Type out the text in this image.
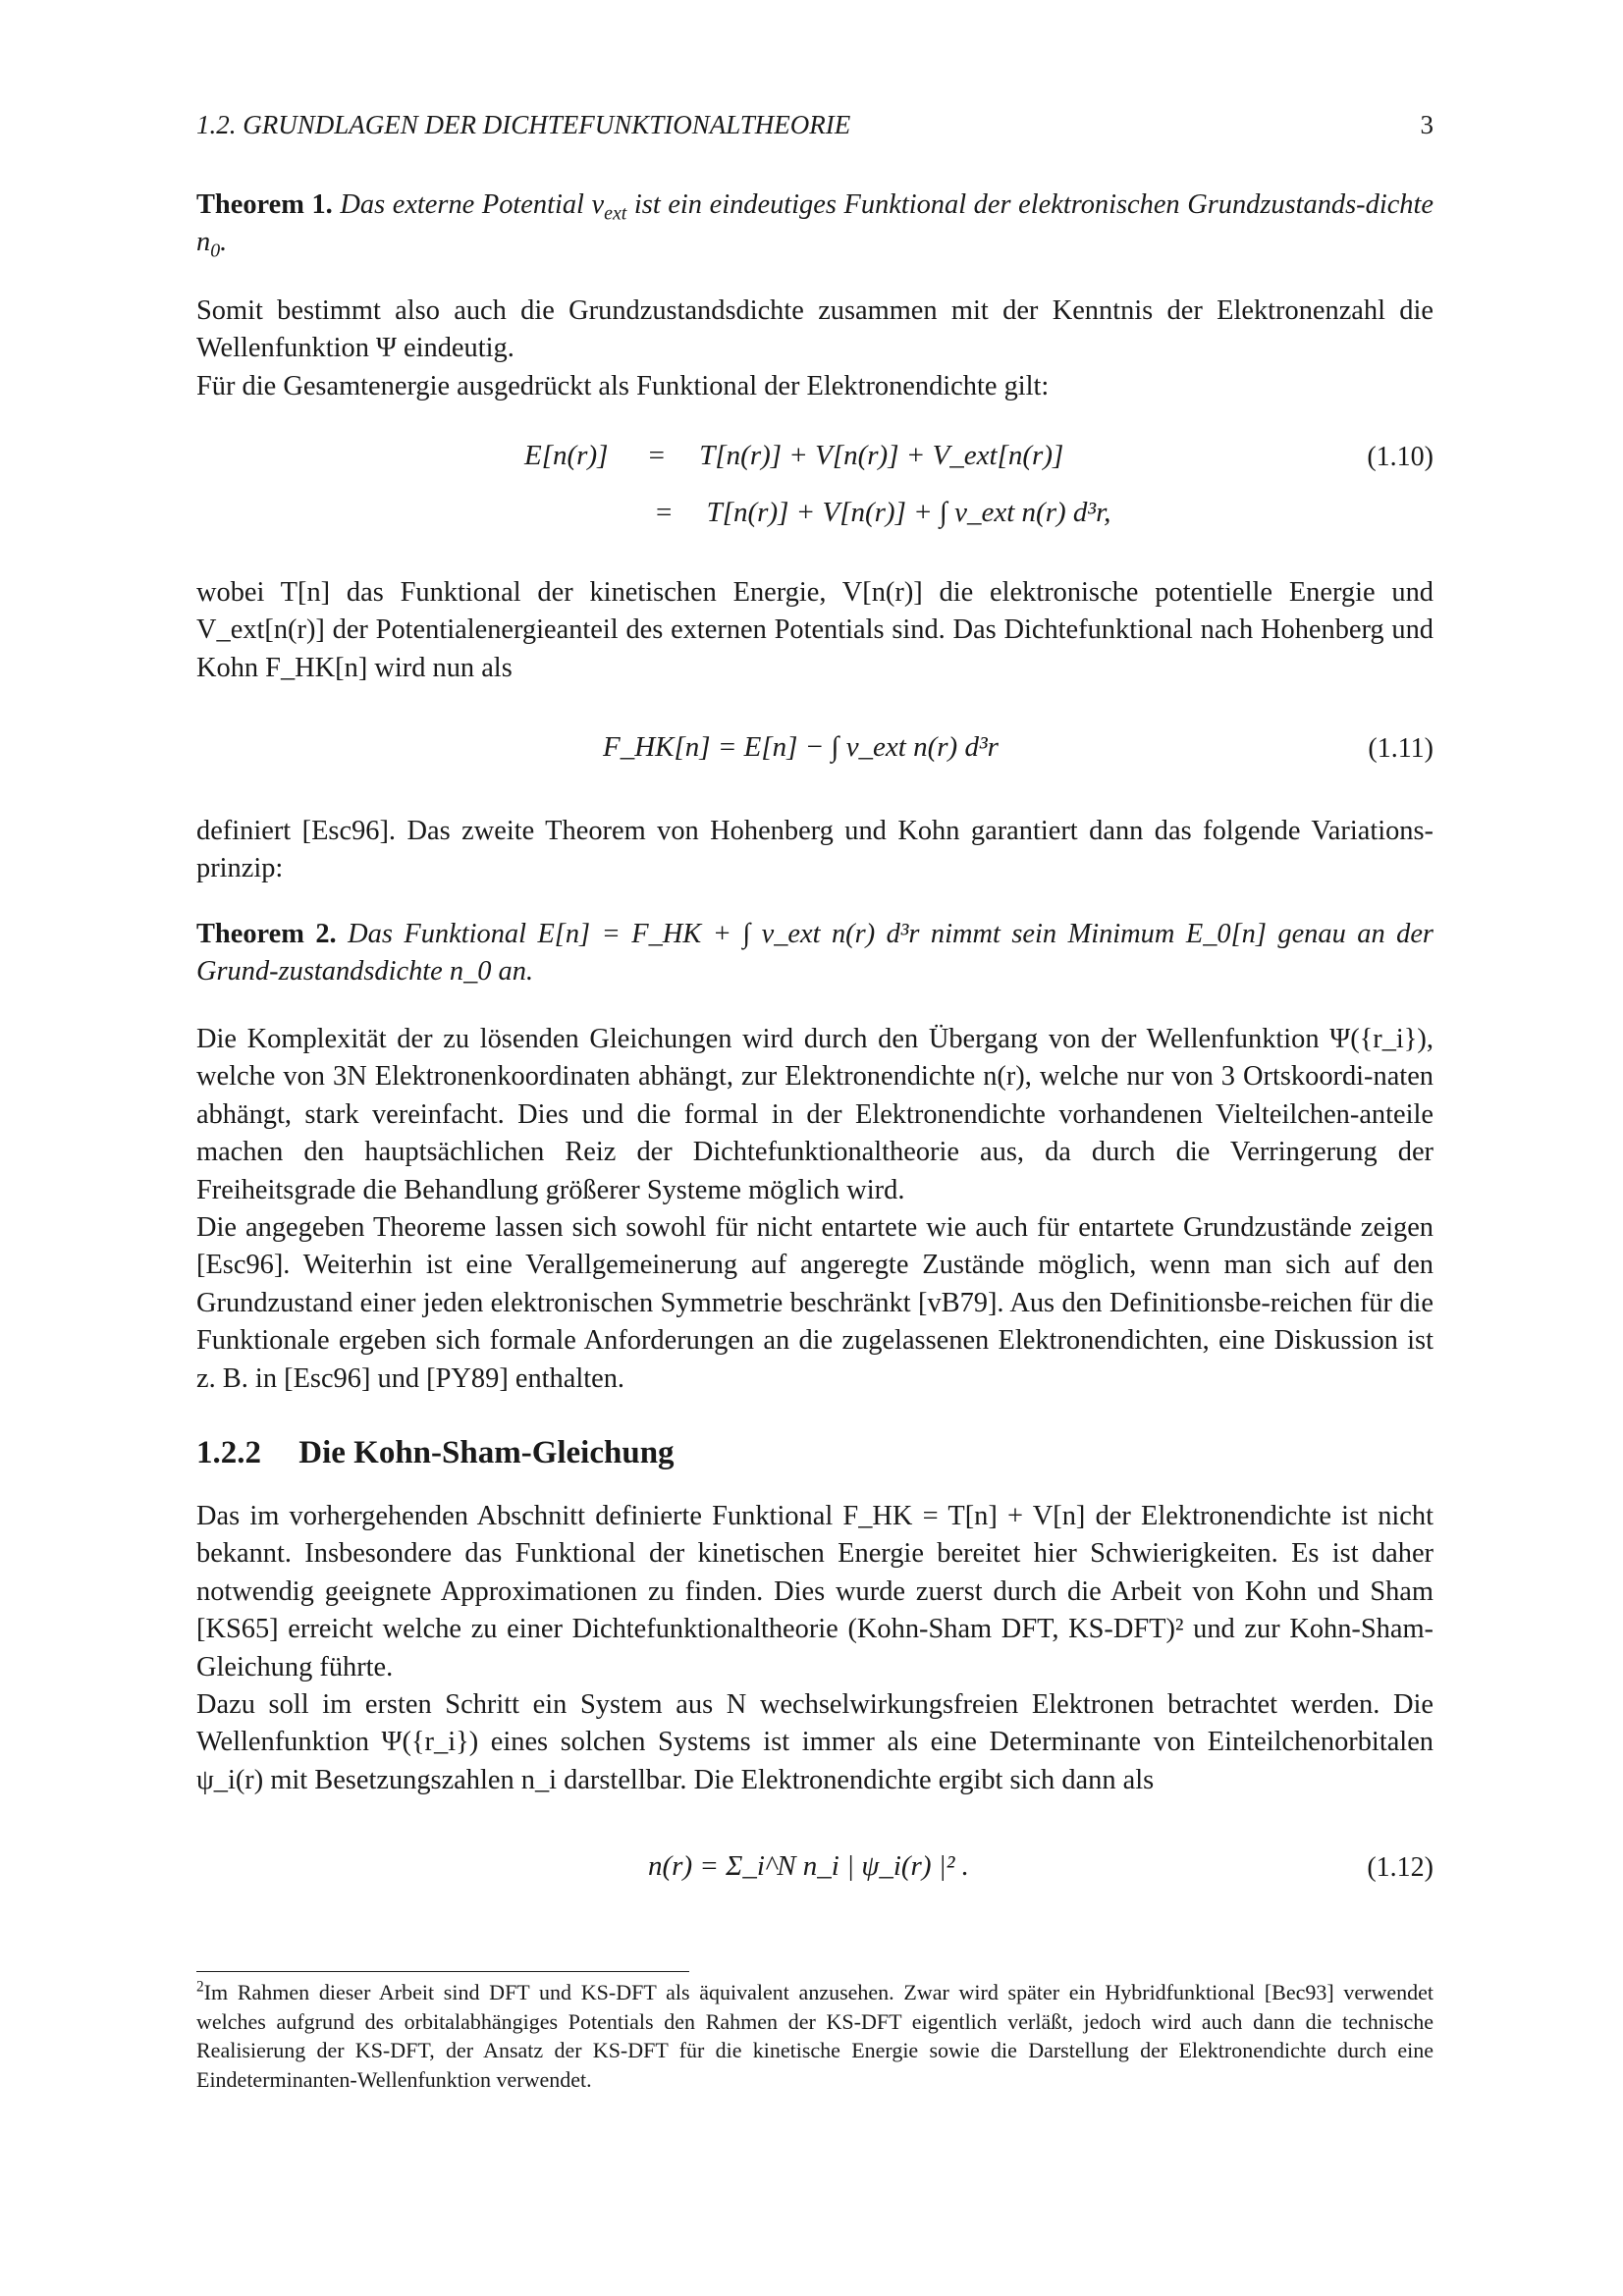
1.2. GRUNDLAGEN DER DICHTEFUNKTIONALTHEORIE	3
Theorem 1. Das externe Potential $v_{ext}$ ist ein eindeutiges Funktional der elektronischen Grundzustands-dichte $n_0$.
Somit bestimmt also auch die Grundzustandsdichte zusammen mit der Kenntnis der Elektronenzahl die Wellenfunktion Ψ eindeutig.
Für die Gesamtenergie ausgedrückt als Funktional der Elektronendichte gilt:
E[n(r)] = T[n(r)] + V[n(r)] + V_ext[n(r)]	(1.10)
= T[n(r)] + V[n(r)] + ∫ v_ext n(r) d³r,
wobei T[n] das Funktional der kinetischen Energie, V[n(r)] die elektronische potentielle Energie und V_ext[n(r)] der Potentialenergieanteil des externen Potentials sind. Das Dichtefunktional nach Hohenberg und Kohn F_HK[n] wird nun als
F_HK[n] = E[n] − ∫ v_ext n(r) d³r	(1.11)
definiert [Esc96]. Das zweite Theorem von Hohenberg und Kohn garantiert dann das folgende Variations-prinzip:
Theorem 2. Das Funktional E[n] = F_HK + ∫ v_ext n(r) d³r nimmt sein Minimum E_0[n] genau an der Grund-zustandsdichte n_0 an.
Die Komplexität der zu lösenden Gleichungen wird durch den Übergang von der Wellenfunktion Ψ({r_i}), welche von 3N Elektronenkoordinaten abhängt, zur Elektronendichte n(r), welche nur von 3 Ortskoordi-naten abhängt, stark vereinfacht. Dies und die formal in der Elektronendichte vorhandenen Vielteilchen-anteile machen den hauptsächlichen Reiz der Dichtefunktionaltheorie aus, da durch die Verringerung der Freiheitsgrade die Behandlung größerer Systeme möglich wird.
Die angegeben Theoreme lassen sich sowohl für nicht entartete wie auch für entartete Grundzustände zeigen [Esc96]. Weiterhin ist eine Verallgemeinerung auf angeregte Zustände möglich, wenn man sich auf den Grundzustand einer jeden elektronischen Symmetrie beschränkt [vB79]. Aus den Definitionsbe-reichen für die Funktionale ergeben sich formale Anforderungen an die zugelassenen Elektronendichten, eine Diskussion ist z. B. in [Esc96] und [PY89] enthalten.
1.2.2 Die Kohn-Sham-Gleichung
Das im vorhergehenden Abschnitt definierte Funktional F_HK = T[n] + V[n] der Elektronendichte ist nicht bekannt. Insbesondere das Funktional der kinetischen Energie bereitet hier Schwierigkeiten. Es ist daher notwendig geeignete Approximationen zu finden. Dies wurde zuerst durch die Arbeit von Kohn und Sham [KS65] erreicht welche zu einer Dichtefunktionaltheorie (Kohn-Sham DFT, KS-DFT)² und zur Kohn-Sham-Gleichung führte.
Dazu soll im ersten Schritt ein System aus N wechselwirkungsfreien Elektronen betrachtet werden. Die Wellenfunktion Ψ({r_i}) eines solchen Systems ist immer als eine Determinante von Einteilchenorbitalen ψ_i(r) mit Besetzungszahlen n_i darstellbar. Die Elektronendichte ergibt sich dann als
n(r) = Σ_i^N n_i | ψ_i(r) |² .	(1.12)
$^2$Im Rahmen dieser Arbeit sind DFT und KS-DFT als äquivalent anzusehen. Zwar wird später ein Hybridfunktional [Bec93] verwendet welches aufgrund des orbitalabhängiges Potentials den Rahmen der KS-DFT eigentlich verläßt, jedoch wird auch dann die technische Realisierung der KS-DFT, der Ansatz der KS-DFT für die kinetische Energie sowie die Darstellung der Elektronendichte durch eine Eindeterminanten-Wellenfunktion verwendet.
